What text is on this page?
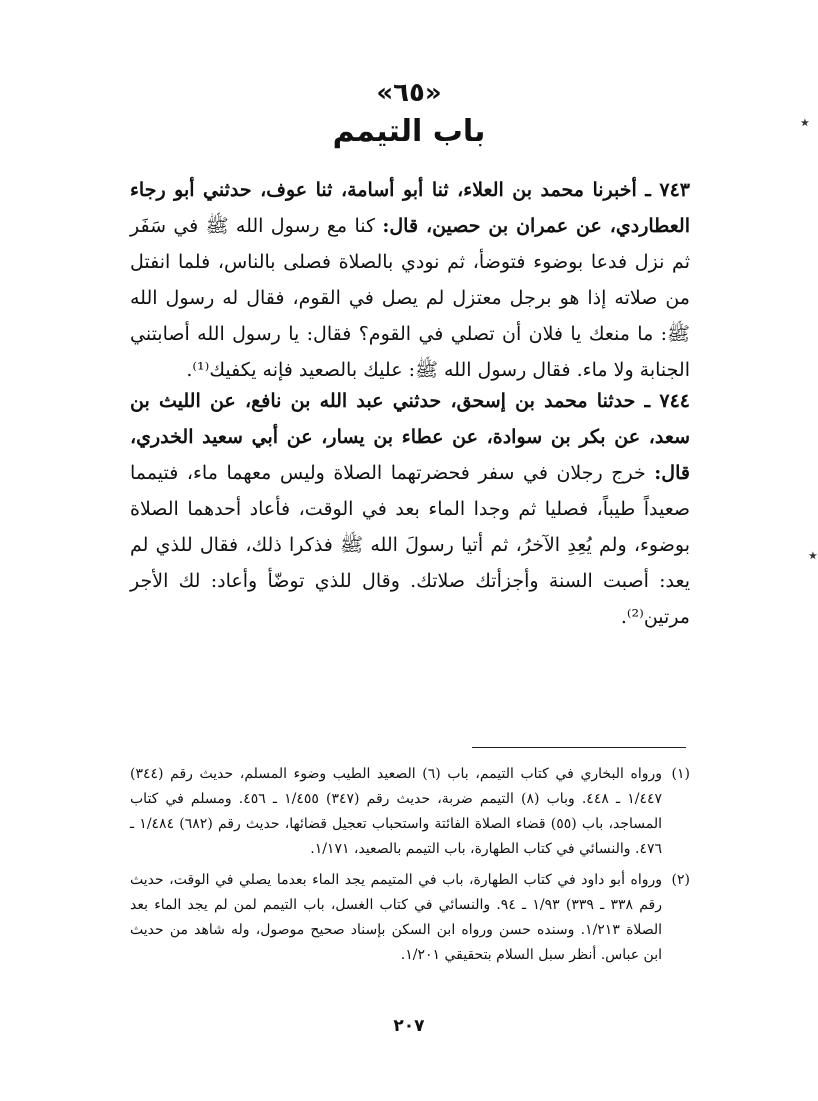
«٦٥»
باب التيمم	٭

٧٤٣ ـ أخبرنا محمد بن العلاء، ثنا أبو أسامة، ثنا عوف، حدثني أبو رجاء العطاردي، عن عمران بن حصين، قال: كنا مع رسول الله ﷺ في سَفَر ثم نزل فدعا بوضوء فتوضأ، ثم نودي بالصلاة فصلى بالناس، فلما انفتل من صلاته إذا هو برجل معتزل لم يصل في القوم، فقال له رسول الله ﷺ: ما منعك يا فلان أن تصلي في القوم؟ فقال: يا رسول الله أصابتني الجنابة ولا ماء. فقال رسول الله ﷺ: عليك بالصعيد فإنه يكفيك⁽¹⁾.

٧٤٤ ـ حدثنا محمد بن إسحق، حدثني عبد الله بن نافع، عن الليث بن سعد، عن بكر بن سوادة، عن عطاء بن يسار، عن أبي سعيد الخدري، قال: خرج رجلان في سفر فحضرتهما الصلاة وليس معهما ماء، فتيمما صعيداً طيباً، فصليا ثم وجدا الماء بعد في الوقت، فأعاد أحدهما الصلاة بوضوء، ولم يُعِدِ الآخرُ، ثم أتيا رسولَ الله ﷺ فذكرا ذلك، فقال للذي لم يعد: أصبت السنة وأجزأتك صلاتك. وقال للذي توضّأ وأعاد: لك الأجر مرتين⁽²⁾.

٭
(١)
ورواه البخاري في كتاب التيمم، باب (٦) الصعيد الطيب وضوء المسلم، حديث رقم (٣٤٤) ١/٤٤٧ ـ ٤٤٨. وباب (٨) التيمم ضربة، حديث رقم (٣٤٧) ١/٤٥٥ ـ ٤٥٦. ومسلم في كتاب المساجد، باب (٥٥) قضاء الصلاة الفائتة واستحباب تعجيل قضائها، حديث رقم (٦٨٢) ١/٤٨٤ ـ ٤٧٦. والنسائي في كتاب الطهارة، باب التيمم بالصعيد، ١/١٧١.
(٢)
ورواه أبو داود في كتاب الطهارة، باب في المتيمم يجد الماء بعدما يصلي في الوقت، حديث رقم ٣٣٨ ـ ٣٣٩) ١/٩٣ ـ ٩٤. والنسائي في كتاب الغسل، باب التيمم لمن لم يجد الماء بعد الصلاة ١/٢١٣. وسنده حسن ورواه ابن السكن بإسناد صحيح موصول، وله شاهد من حديث ابن عباس. أنظر سبل السلام بتحقيقي ١/٢٠١.
٢٠٧
